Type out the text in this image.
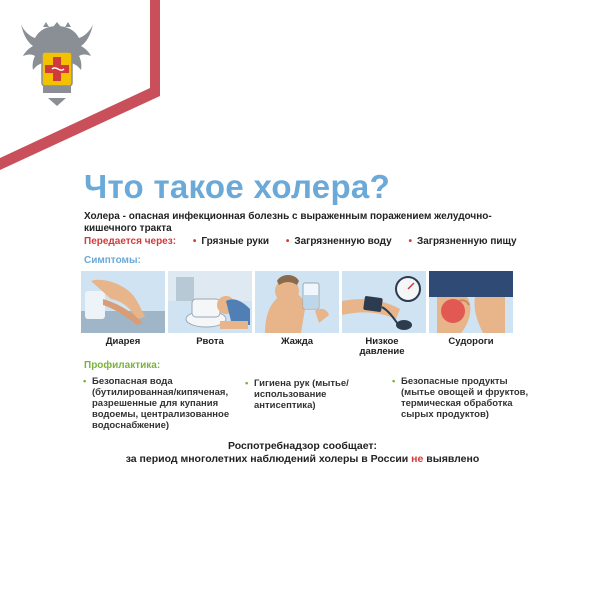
Что такое холера?
Холера - опасная инфекционная болезнь с выраженным поражением желудочно-кишечного тракта
Передается через: • Грязные руки • Загрязненную воду • Загрязненную пищу
Симптомы:
Диарея	Рвота	Жажда	Низкое давление
Судороги
Профилактика:
• Безопасная вода
(бутилированная/кипяченая,
разрешенные для купания
водоемы, централизованное
водоснабжение)
• Гигиена рук (мытье/
использование
антисептика)
• Безопасные продукты
(мытье овощей и фруктов,
термическая обработка
сырых продуктов)
Роспотребнадзор сообщает:
за период многолетних наблюдений холеры в России не выявлено
